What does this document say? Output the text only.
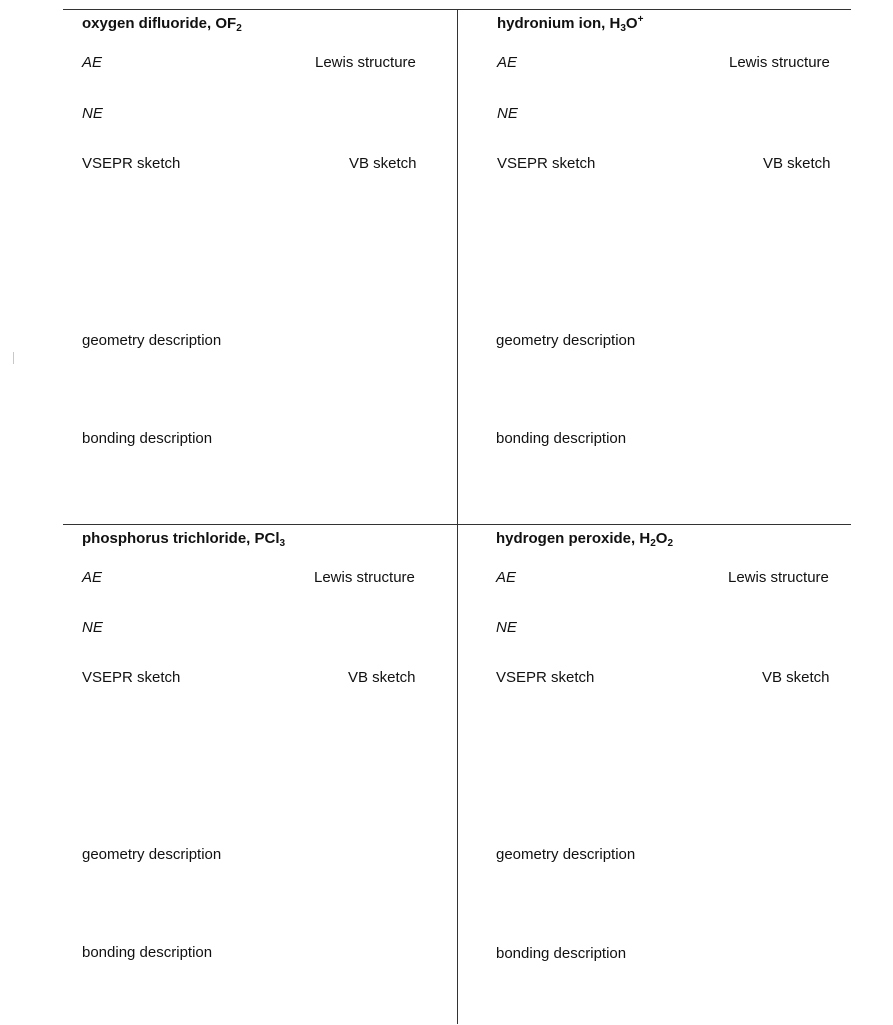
oxygen difluoride, $OF_2$
AE	Lewis structure
NE
VSEPR sketch	VB sketch
geometry description
bonding description
hydronium ion, $H_3O^+$
AE	Lewis structure
NE
VSEPR sketch	VB sketch
geometry description
bonding description
phosphorus trichloride, PCl$_3$
AE	Lewis structure
NE
VSEPR sketch	VB sketch
geometry description
bonding description
hydrogen peroxide, $H_2O_2$
AE	Lewis structure
NE
VSEPR sketch	VB sketch
geometry description
bonding description
